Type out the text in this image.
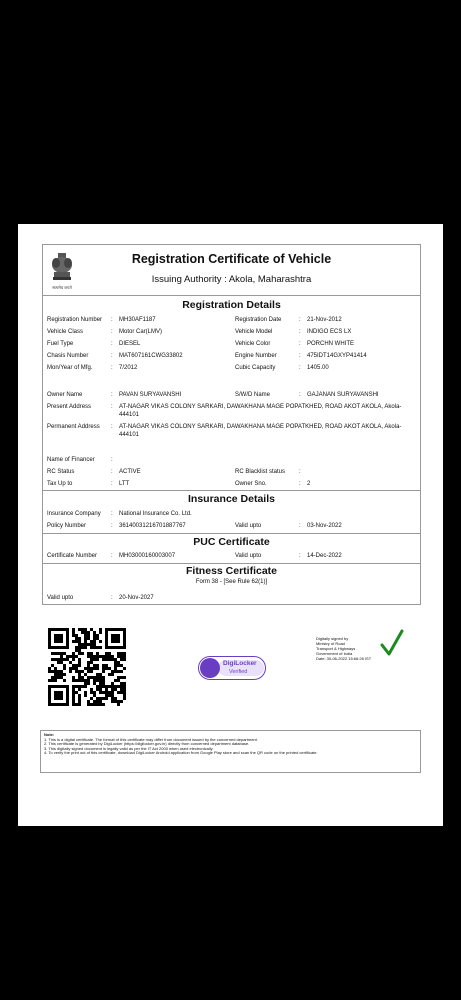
सत्यमेव जयते
Registration Certificate of Vehicle
Issuing Authority : Akola, Maharashtra
Registration Details
Registration Number : MH30AF1187	Registration Date	: 21-Nov-2012
Vehicle Class	: Motor Car(LMV)	Vehicle Model	: INDIGO ECS LX
Fuel Type	: DIESEL	Vehicle Color	: PORCHN WHITE
Chasis Number	: MAT607161CWG33802	Engine Number	: 475IDT14GXYP41414
Mon/Year of Mfg.	: 7/2012	Cubic Capacity	: 1405.00
Owner Name	: PAVAN SURYAVANSHI	S/W/D Name	: GAJANAN SURYAVANSHI
Present Address	: AT-NAGAR VIKAS COLONY SARKARI, DAWAKHANA MAGE POPATKHED, ROAD AKOT AKOLA, Akola-444101
Permanent Address : AT-NAGAR VIKAS COLONY SARKARI, DAWAKHANA MAGE POPATKHED, ROAD AKOT AKOLA, Akola-444101
Name of Financer	:
RC Status	: ACTIVE	RC Blacklist status :
Tax Up to	: LTT	Owner Sno.	: 2
Insurance Details
Insurance Company : National Insurance Co. Ltd.
Policy Number	: 36140031216701887767	Valid upto	: 03-Nov-2022
PUC Certificate
Certificate Number : MH03000160003007	Valid upto	: 14-Dec-2022
Fitness Certificate
Form 38 - [See Rule 62(1)]
Valid upto	: 20-Nov-2027
DigiLocker
Verified
Digitally signed by
Ministry of Road
Transport & Highways
Government of India
Date: 30-06-2022 15:66:26 IST
Note:
1. This is a digital certificate. The format of this certificate may differ from document issued by the concerned department.
2. This certificate is generated by DigiLocker (https://digilocker.gov.in) directly from concerned department database.
3. This digitally signed document is legally valid as per the IT Act 2000 when used electronically.
4. To verify the print out of this certificate, download DigiLocker Android application from Google Play store and scan the QR code on the printed certificate.
